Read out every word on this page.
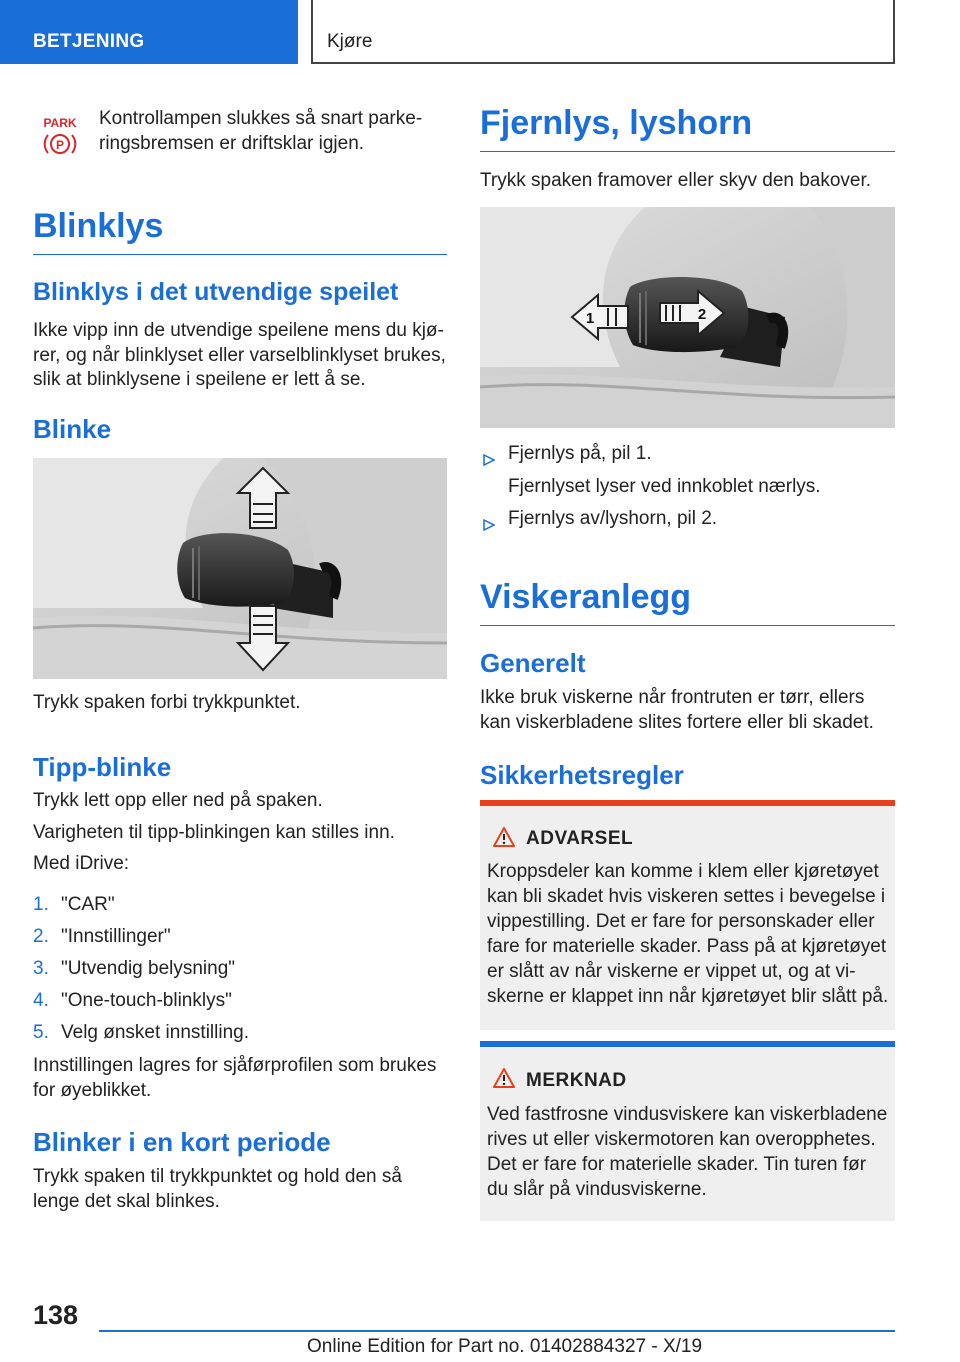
BETJENING	Kjøre
PARK
P

Kontrollampen slukkes så snart parke-

ringsbremsen er driftsklar igjen.

Blinklys
Blinklys i det utvendige speilet

Ikke vipp inn de utvendige speilene mens du kjø-

rer, og når blinklyset eller varselblinklyset brukes,

slik at blinklysene i speilene er lett å se.

Blinke

Trykk spaken forbi trykkpunktet.

Tipp-blinke

Trykk lett opp eller ned på spaken.

Varigheten til tipp-blinkingen kan stilles inn.

Med iDrive:

1. "CAR"
2. "Innstillinger"
3. "Utvendig belysning"
4. "One-touch-blinklys"
5. Velg ønsket innstilling.

Innstillingen lagres for sjåførprofilen som brukes

for øyeblikket.

Blinker i en kort periode

Trykk spaken til trykkpunktet og hold den så

lenge det skal blinkes.

Fjernlys, lyshorn

Trykk spaken framover eller skyv den bakover.

1	2
Fjernlys på, pil 1.

Fjernlyset lyser ved innkoblet nærlys.

Fjernlys av/lyshorn, pil 2.
Viskeranlegg
Generelt

Ikke bruk viskerne når frontruten er tørr, ellers

kan viskerbladene slites fortere eller bli skadet.

Sikkerhetsregler
ADVARSEL

Kroppsdeler kan komme i klem eller kjøretøyet

kan bli skadet hvis viskeren settes i bevegelse i

vippestilling. Det er fare for personskader eller

fare for materielle skader. Pass på at kjøretøyet

er slått av når viskerne er vippet ut, og at vi-

skerne er klappet inn når kjøretøyet blir slått på.

MERKNAD

Ved fastfrosne vindusviskere kan viskerbladene

rives ut eller viskermotoren kan overopphetes.

Det er fare for materielle skader. Tin turen før

du slår på vindusviskerne.

138
Online Edition for Part no. 01402884327 - X/19
